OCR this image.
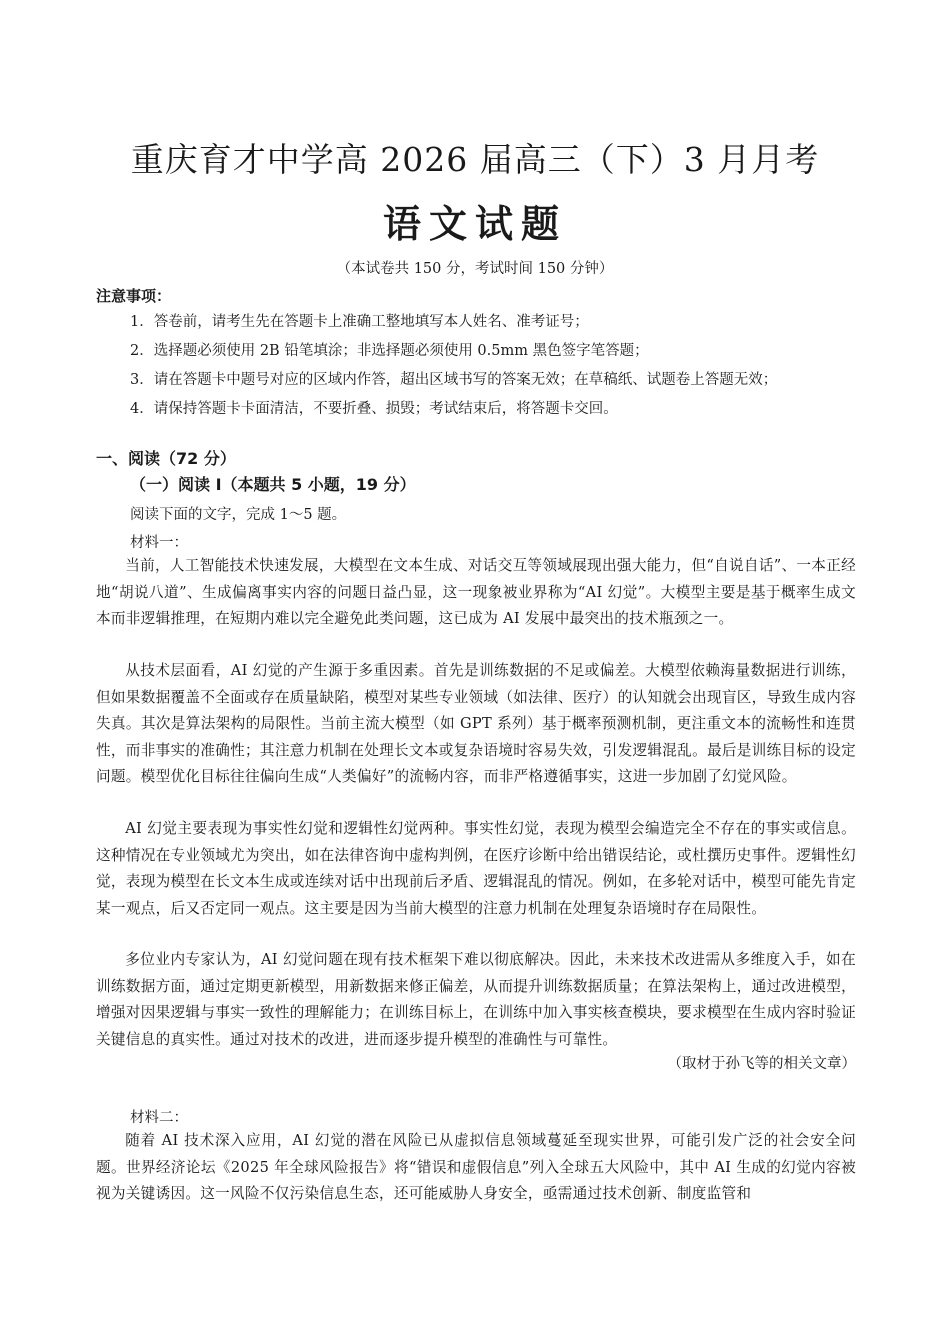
重庆育才中学高 2026 届高三（下）3 月月考
语文试题
（本试卷共 150 分，考试时间 150 分钟）
注意事项：
1．答卷前，请考生先在答题卡上准确工整地填写本人姓名、准考证号；
2．选择题必须使用 2B 铅笔填涂；非选择题必须使用 0.5mm 黑色签字笔答题；
3．请在答题卡中题号对应的区域内作答，超出区域书写的答案无效；在草稿纸、试题卷上答题无效；
4．请保持答题卡卡面清洁，不要折叠、损毁；考试结束后，将答题卡交回。
一、阅读（72 分）
（一）阅读 I（本题共 5 小题，19 分）
阅读下面的文字，完成 1～5 题。
材料一：

当前，人工智能技术快速发展，大模型在文本生成、对话交互等领域展现出强大能力，但“自说自话”、一本正经地“胡说八道”、生成偏离事实内容的问题日益凸显，这一现象被业界称为“AI 幻觉”。大模型主要是基于概率生成文本而非逻辑推理，在短期内难以完全避免此类问题，这已成为 AI 发展中最突出的技术瓶颈之一。

从技术层面看，AI 幻觉的产生源于多重因素。首先是训练数据的不足或偏差。大模型依赖海量数据进行训练，但如果数据覆盖不全面或存在质量缺陷，模型对某些专业领域（如法律、医疗）的认知就会出现盲区，导致生成内容失真。其次是算法架构的局限性。当前主流大模型（如 GPT 系列）基于概率预测机制，更注重文本的流畅性和连贯性，而非事实的准确性；其注意力机制在处理长文本或复杂语境时容易失效，引发逻辑混乱。最后是训练目标的设定问题。模型优化目标往往偏向生成“人类偏好”的流畅内容，而非严格遵循事实，这进一步加剧了幻觉风险。

AI 幻觉主要表现为事实性幻觉和逻辑性幻觉两种。事实性幻觉，表现为模型会编造完全不存在的事实或信息。这种情况在专业领域尤为突出，如在法律咨询中虚构判例，在医疗诊断中给出错误结论，或杜撰历史事件。逻辑性幻觉，表现为模型在长文本生成或连续对话中出现前后矛盾、逻辑混乱的情况。例如，在多轮对话中，模型可能先肯定某一观点，后又否定同一观点。这主要是因为当前大模型的注意力机制在处理复杂语境时存在局限性。

多位业内专家认为，AI 幻觉问题在现有技术框架下难以彻底解决。因此，未来技术改进需从多维度入手，如在训练数据方面，通过定期更新模型，用新数据来修正偏差，从而提升训练数据质量；在算法架构上，通过改进模型，增强对因果逻辑与事实一致性的理解能力；在训练目标上，在训练中加入事实核查模块，要求模型在生成内容时验证关键信息的真实性。通过对技术的改进，进而逐步提升模型的准确性与可靠性。

（取材于孙飞等的相关文章）
材料二：

随着 AI 技术深入应用，AI 幻觉的潜在风险已从虚拟信息领域蔓延至现实世界，可能引发广泛的社会安全问题。世界经济论坛《2025 年全球风险报告》将“错误和虚假信息”列入全球五大风险中，其中 AI 生成的幻觉内容被视为关键诱因。这一风险不仅污染信息生态，还可能威胁人身安全，亟需通过技术创新、制度监管和
